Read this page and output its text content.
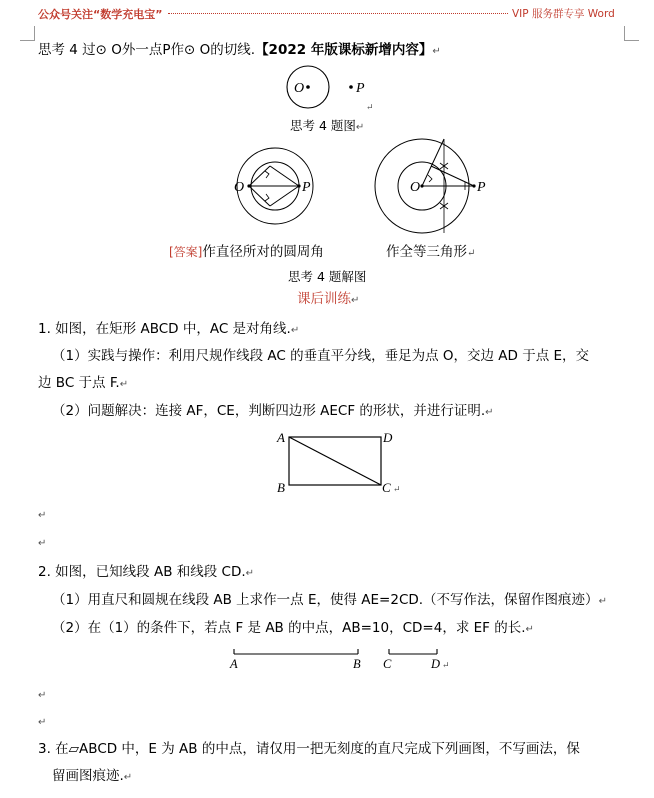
公众号关注“数学充电宝”	VIP 服务群专享 Word
思考 4 过⊙ O外一点P作⊙ O的切线.【2022 年版课标新增内容】↵
O	P
↵
思考 4 题图↵
O	P	O	P
[答案]作直径所对的圆周角	作全等三角形↵
思考 4 题解图
课后训练↵
1. 如图，在矩形 ABCD 中，AC 是对角线.↵
（1）实践与操作：利用尺规作线段 AC 的垂直平分线，垂足为点 O，交边 AD 于点 E，交
边 BC 于点 F.↵
（2）问题解决：连接 AF，CE，判断四边形 AECF 的形状，并进行证明.↵
A	D
B	C ↵
↵
↵
2. 如图，已知线段 AB 和线段 CD.↵
（1）用直尺和圆规在线段 AB 上求作一点 E，使得 AE=2CD.（不写作法，保留作图痕迹）↵
（2）在（1）的条件下，若点 F 是 AB 的中点，AB=10，CD=4，求 EF 的长.↵
A	B C	D ↵
↵
↵
3. 在▱ABCD 中，E 为 AB 的中点，请仅用一把无刻度的直尺完成下列画图，不写画法，保
留画图痕迹.↵
